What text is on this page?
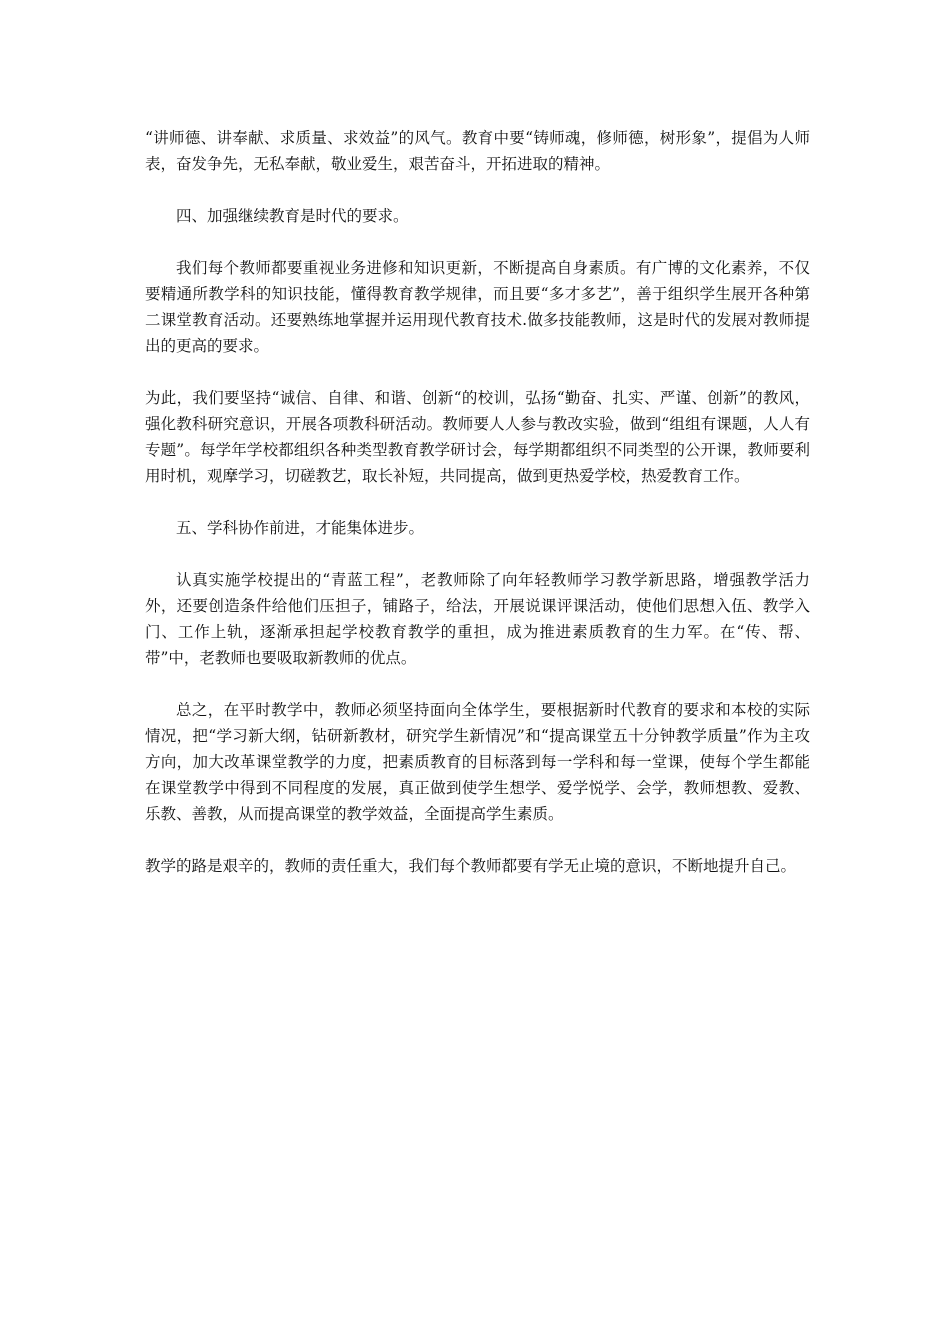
“讲师德、讲奉献、求质量、求效益”的风气。教育中要“铸师魂，修师德，树形象”，提倡为人师表，奋发争先，无私奉献，敬业爱生，艰苦奋斗，开拓进取的精神。

四、加强继续教育是时代的要求。

我们每个教师都要重视业务进修和知识更新，不断提高自身素质。有广博的文化素养，不仅要精通所教学科的知识技能，懂得教育教学规律，而且要“多才多艺”，善于组织学生展开各种第二课堂教育活动。还要熟练地掌握并运用现代教育技术.做多技能教师，这是时代的发展对教师提出的更高的要求。

为此，我们要坚持“诚信、自律、和谐、创新“的校训，弘扬“勤奋、扎实、严谨、创新”的教风，强化教科研究意识，开展各项教科研活动。教师要人人参与教改实验，做到“组组有课题，人人有专题”。每学年学校都组织各种类型教育教学研讨会，每学期都组织不同类型的公开课，教师要利用时机，观摩学习，切磋教艺，取长补短，共同提高，做到更热爱学校，热爱教育工作。

五、学科协作前进，才能集体进步。

认真实施学校提出的“青蓝工程”，老教师除了向年轻教师学习教学新思路，增强教学活力外，还要创造条件给他们压担子，铺路子，给法，开展说课评课活动，使他们思想入伍、教学入门、工作上轨，逐渐承担起学校教育教学的重担，成为推进素质教育的生力军。在“传、帮、带”中，老教师也要吸取新教师的优点。

总之，在平时教学中，教师必须坚持面向全体学生，要根据新时代教育的要求和本校的实际情况，把“学习新大纲，钻研新教材，研究学生新情况”和“提高课堂五十分钟教学质量”作为主攻方向，加大改革课堂教学的力度，把素质教育的目标落到每一学科和每一堂课，使每个学生都能在课堂教学中得到不同程度的发展，真正做到使学生想学、爱学悦学、会学，教师想教、爱教、乐教、善教，从而提高课堂的教学效益，全面提高学生素质。

教学的路是艰辛的，教师的责任重大，我们每个教师都要有学无止境的意识，不断地提升自己。
